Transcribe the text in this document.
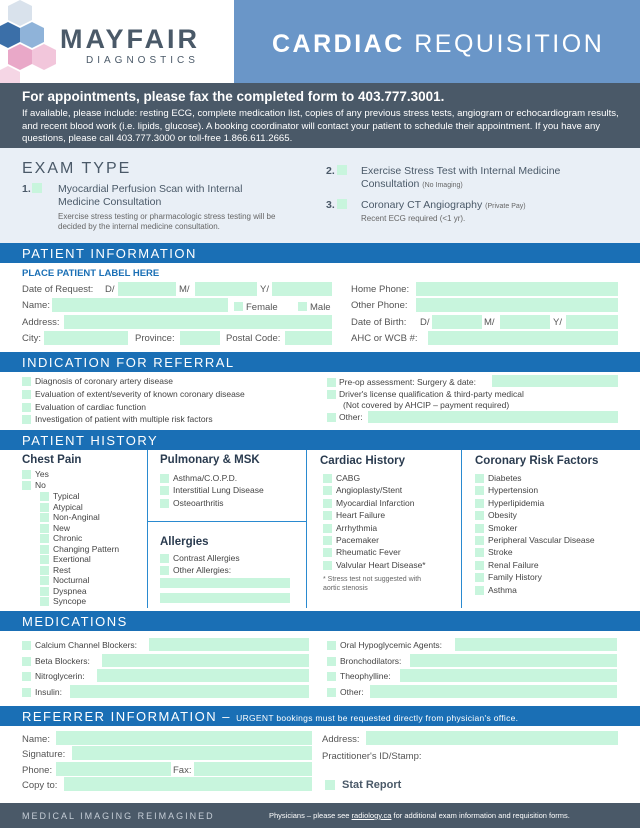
MAYFAIR
DIAGNOSTICS
CARDIAC REQUISITION
For appointments, please fax the completed form to 403.777.3001.
If available, please include: resting ECG, complete medication list, copies of any previous stress tests, angiogram or echocardiogram results, and recent blood work (i.e. lipids, glucose). A booking coordinator will contact your patient to schedule their appointment. If you have any questions, please call 403.777.3000 or toll-free 1.866.611.2665.
EXAM TYPE
1.	Myocardial Perfusion Scan with Internal Medicine Consultation
Exercise stress testing or pharmacologic stress testing will be decided by the internal medicine consultation.
2. Exercise Stress Test with Internal Medicine Consultation (No Imaging)
3. Coronary CT Angiography (Private Pay)
Recent ECG required (<1 yr).
PATIENT INFORMATION
PLACE PATIENT LABEL HERE
Date of Request: D/	M/	Y/
Name:	Female	Male
Address:
City:	Province:	Postal Code:
Home Phone:
Other Phone:
Date of Birth: D/	M/	Y/
AHC or WCB #:
INDICATION FOR REFERRAL
Diagnosis of coronary artery disease
Evaluation of extent/severity of known coronary disease
Evaluation of cardiac function
Investigation of patient with multiple risk factors
Pre-op assessment: Surgery & date:
Driver's license qualification & third-party medical
(Not covered by AHCIP – payment required)
Other:
PATIENT HISTORY
Chest Pain
Yes
No
Typical
Atypical
Non-Anginal
New
Chronic
Changing Pattern
Exertional
Rest
Nocturnal
Dyspnea
Syncope
Pulmonary & MSK
Asthma/C.O.P.D.
Interstitial Lung Disease
Osteoarthritis
Allergies
Contrast Allergies
Other Allergies:
Cardiac History
CABG
Angioplasty/Stent
Myocardial Infarction
Heart Failure
Arrhythmia
Pacemaker
Rheumatic Fever
Valvular Heart Disease*
* Stress test not suggested with aortic stenosis
Coronary Risk Factors
Diabetes
Hypertension
Hyperlipidemia
Obesity
Smoker
Peripheral Vascular Disease
Stroke
Renal Failure
Family History
Asthma
MEDICATIONS
Calcium Channel Blockers:
Beta Blockers:
Nitroglycerin:
Insulin:
Oral Hypoglycemic Agents:
Bronchodilators:
Theophylline:
Other:
REFERRER INFORMATION – URGENT bookings must be requested directly from physician's office.
Name:
Signature:
Phone:	Fax:
Copy to:
Address:
Practitioner's ID/Stamp:
Stat Report
MEDICAL IMAGING REIMAGINED	Physicians – please see radiology.ca for additional exam information and requisition forms.
